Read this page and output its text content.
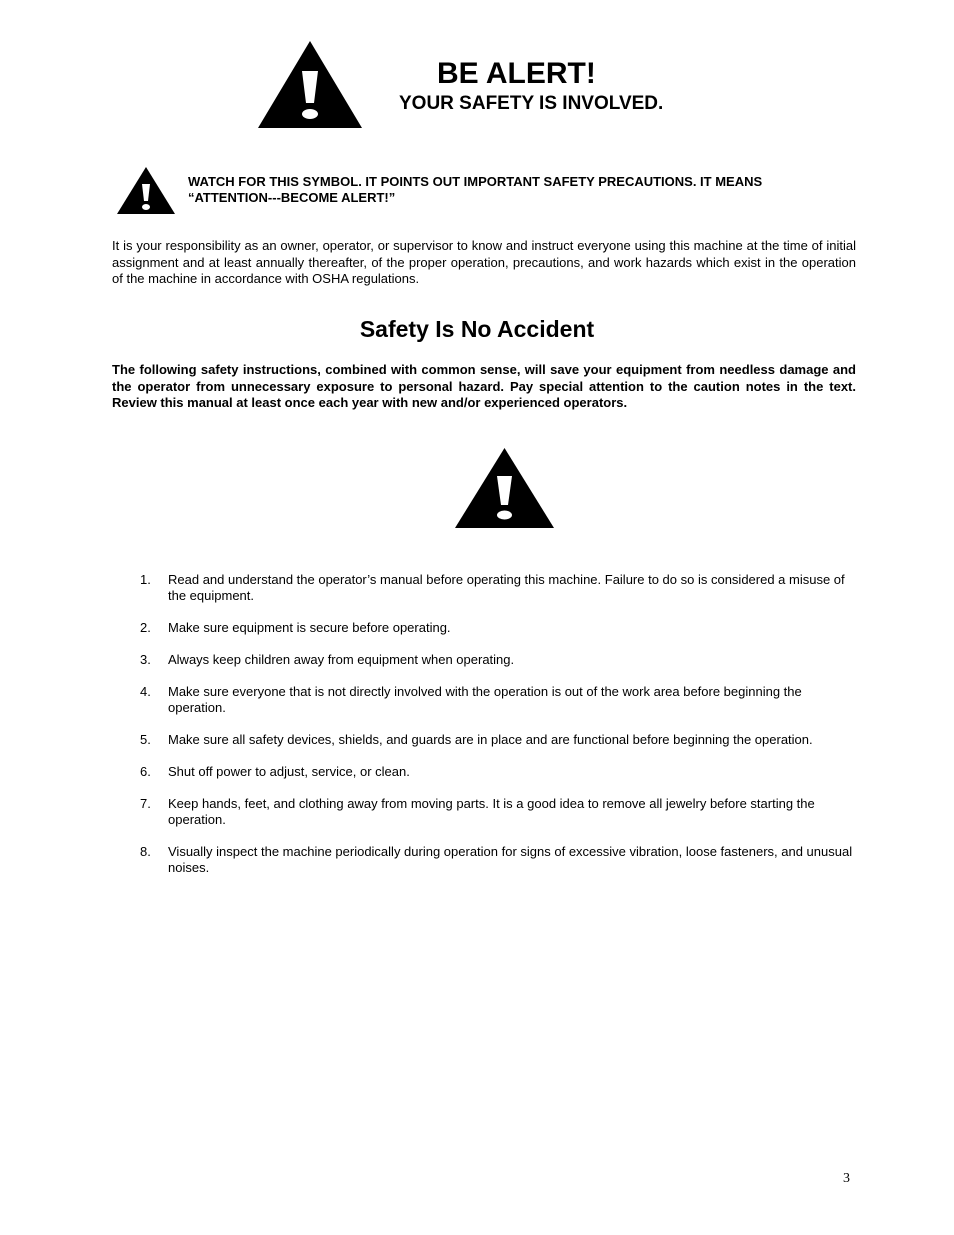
BE ALERT!
YOUR SAFETY IS INVOLVED.

WATCH FOR THIS SYMBOL. IT POINTS OUT IMPORTANT SAFETY PRECAUTIONS. IT MEANS “ATTENTION---BECOME ALERT!”

It is your responsibility as an owner, operator, or supervisor to know and instruct everyone using this machine at the time of initial assignment and at least annually thereafter, of the proper operation, precautions, and work hazards which exist in the operation of the machine in accordance with OSHA regulations.

Safety Is No Accident

The following safety instructions, combined with common sense, will save your equipment from needless damage and the operator from unnecessary exposure to personal hazard. Pay special attention to the caution notes in the text. Review this manual at least once each year with new and/or experienced operators.

1. Read and understand the operator’s manual before operating this machine. Failure to do so is considered a misuse of the equipment.
2. Make sure equipment is secure before operating.
3. Always keep children away from equipment when operating.
4. Make sure everyone that is not directly involved with the operation is out of the work area before beginning the operation.
5. Make sure all safety devices, shields, and guards are in place and are functional before beginning the operation.
6. Shut off power to adjust, service, or clean.
7. Keep hands, feet, and clothing away from moving parts. It is a good idea to remove all jewelry before starting the operation.
8. Visually inspect the machine periodically during operation for signs of excessive vibration, loose fasteners, and unusual noises.

3
